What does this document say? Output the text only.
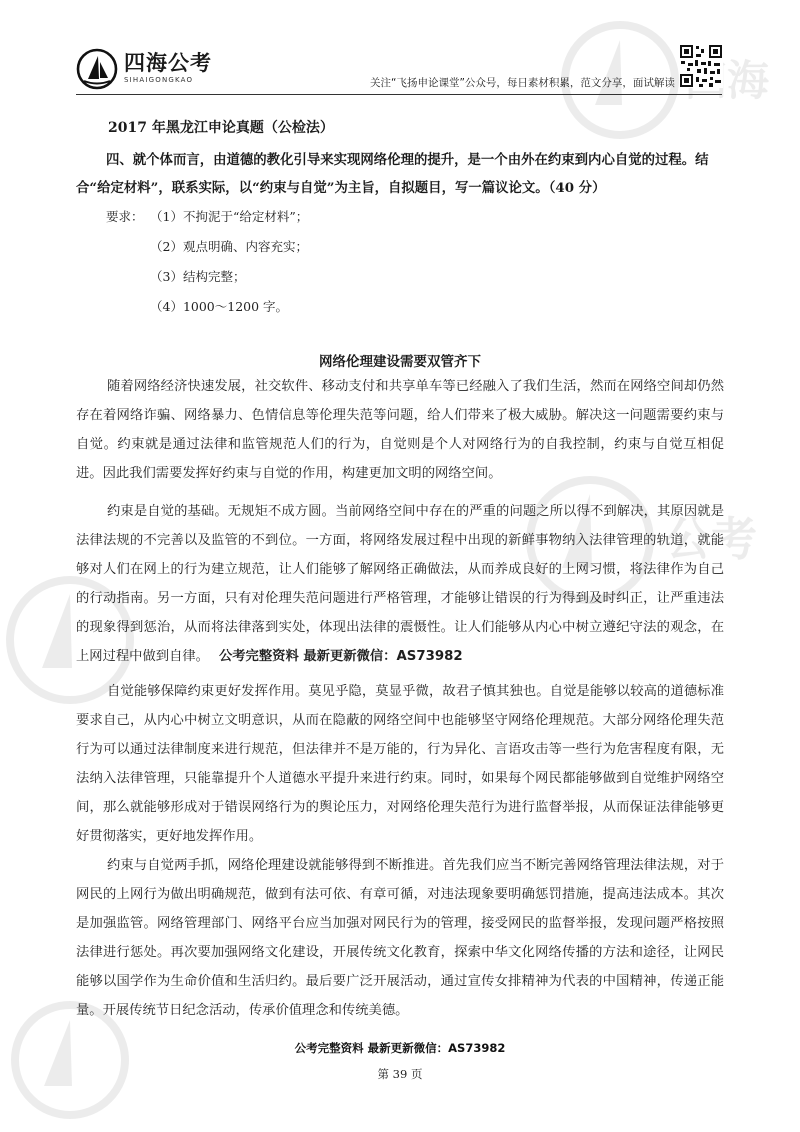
四海
公考
四海公考
SIHAIGONGKAO	关注“飞扬申论课堂”公众号，每日素材积累，范文分享，面试解读
2017 年黑龙江申论真题（公检法）

四、就个体而言，由道德的教化引导来实现网络伦理的提升，是一个由外在约束到内心自觉的过程。结合“给定材料”，联系实际，以“约束与自觉”为主旨，自拟题目，写一篇议论文。（40 分）

要求： （1）不拘泥于“给定材料”；
（2）观点明确、内容充实；
（3）结构完整；
（4）1000～1200 字。
网络伦理建设需要双管齐下

随着网络经济快速发展，社交软件、移动支付和共享单车等已经融入了我们生活，然而在网络空间却仍然存在着网络诈骗、网络暴力、色情信息等伦理失范等问题，给人们带来了极大威胁。解决这一问题需要约束与自觉。约束就是通过法律和监管规范人们的行为，自觉则是个人对网络行为的自我控制，约束与自觉互相促进。因此我们需要发挥好约束与自觉的作用，构建更加文明的网络空间。

约束是自觉的基础。无规矩不成方圆。当前网络空间中存在的严重的问题之所以得不到解决，其原因就是法律法规的不完善以及监管的不到位。一方面，将网络发展过程中出现的新鲜事物纳入法律管理的轨道，就能够对人们在网上的行为建立规范，让人们能够了解网络正确做法，从而养成良好的上网习惯，将法律作为自己的行动指南。另一方面，只有对伦理失范问题进行严格管理，才能够让错误的行为得到及时纠正，让严重违法的现象得到惩治，从而将法律落到实处，体现出法律的震慑性。让人们能够从内心中树立遵纪守法的观念，在上网过程中做到自律。 公考完整资料 最新更新微信：AS73982

自觉能够保障约束更好发挥作用。莫见乎隐，莫显乎微，故君子慎其独也。自觉是能够以较高的道德标准要求自己，从内心中树立文明意识，从而在隐蔽的网络空间中也能够坚守网络伦理规范。大部分网络伦理失范行为可以通过法律制度来进行规范，但法律并不是万能的，行为异化、言语攻击等一些行为危害程度有限，无法纳入法律管理，只能靠提升个人道德水平提升来进行约束。同时，如果每个网民都能够做到自觉维护网络空间，那么就能够形成对于错误网络行为的舆论压力，对网络伦理失范行为进行监督举报，从而保证法律能够更好贯彻落实，更好地发挥作用。

约束与自觉两手抓，网络伦理建设就能够得到不断推进。首先我们应当不断完善网络管理法律法规，对于网民的上网行为做出明确规范，做到有法可依、有章可循，对违法现象要明确惩罚措施，提高违法成本。其次是加强监管。网络管理部门、网络平台应当加强对网民行为的管理，接受网民的监督举报，发现问题严格按照法律进行惩处。再次要加强网络文化建设，开展传统文化教育，探索中华文化网络传播的方法和途径，让网民能够以国学作为生命价值和生活归约。最后要广泛开展活动，通过宣传女排精神为代表的中国精神，传递正能量。开展传统节日纪念活动，传承价值理念和传统美德。

公考完整资料 最新更新微信：AS73982
第 39 页
